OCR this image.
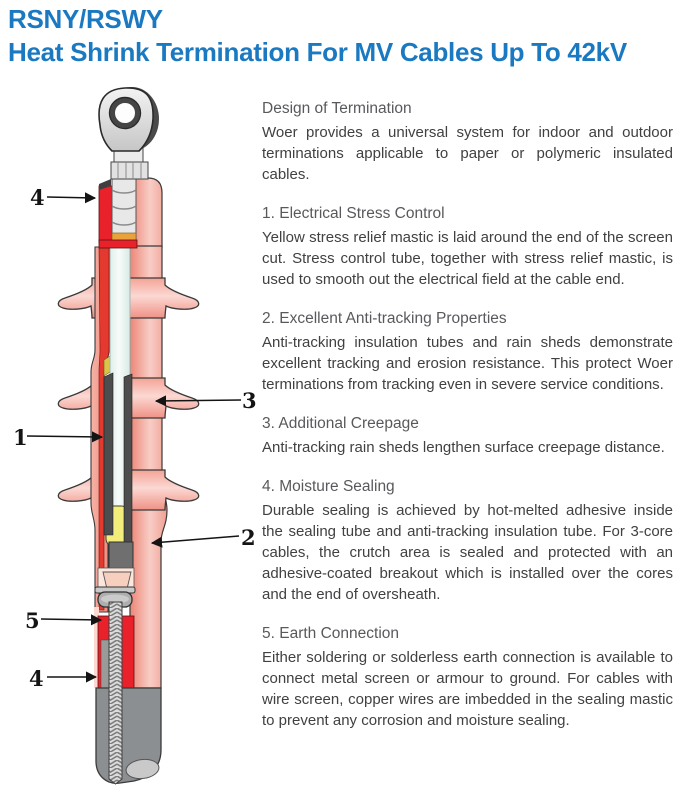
RSNY/RSWY
Heat Shrink Termination For MV Cables Up To 42kV
4
1
5
4
3
2
Design of Termination

Woer provides a universal system for indoor and outdoor terminations applicable to paper or polymeric insulated cables.

1. Electrical Stress Control

Yellow stress relief mastic is laid around the end of the screen cut. Stress control tube, together with stress relief mastic, is used to smooth out the electrical field at the cable end.

2. Excellent Anti-tracking Properties

Anti-tracking insulation tubes and rain sheds demonstrate excellent tracking and erosion resistance. This protect Woer terminations from tracking even in severe service conditions.

3. Additional Creepage

Anti-tracking rain sheds lengthen surface creepage distance.

4. Moisture Sealing

Durable sealing is achieved by hot-melted adhesive inside the sealing tube and anti-tracking insulation tube. For 3-core cables, the crutch area is sealed and protected with an adhesive-coated breakout which is installed over the cores and the end of oversheath.

5. Earth Connection

Either soldering or solderless earth connection is available to connect metal screen or armour to ground. For cables with wire screen, copper wires are imbedded in the sealing mastic to prevent any corrosion and moisture sealing.
